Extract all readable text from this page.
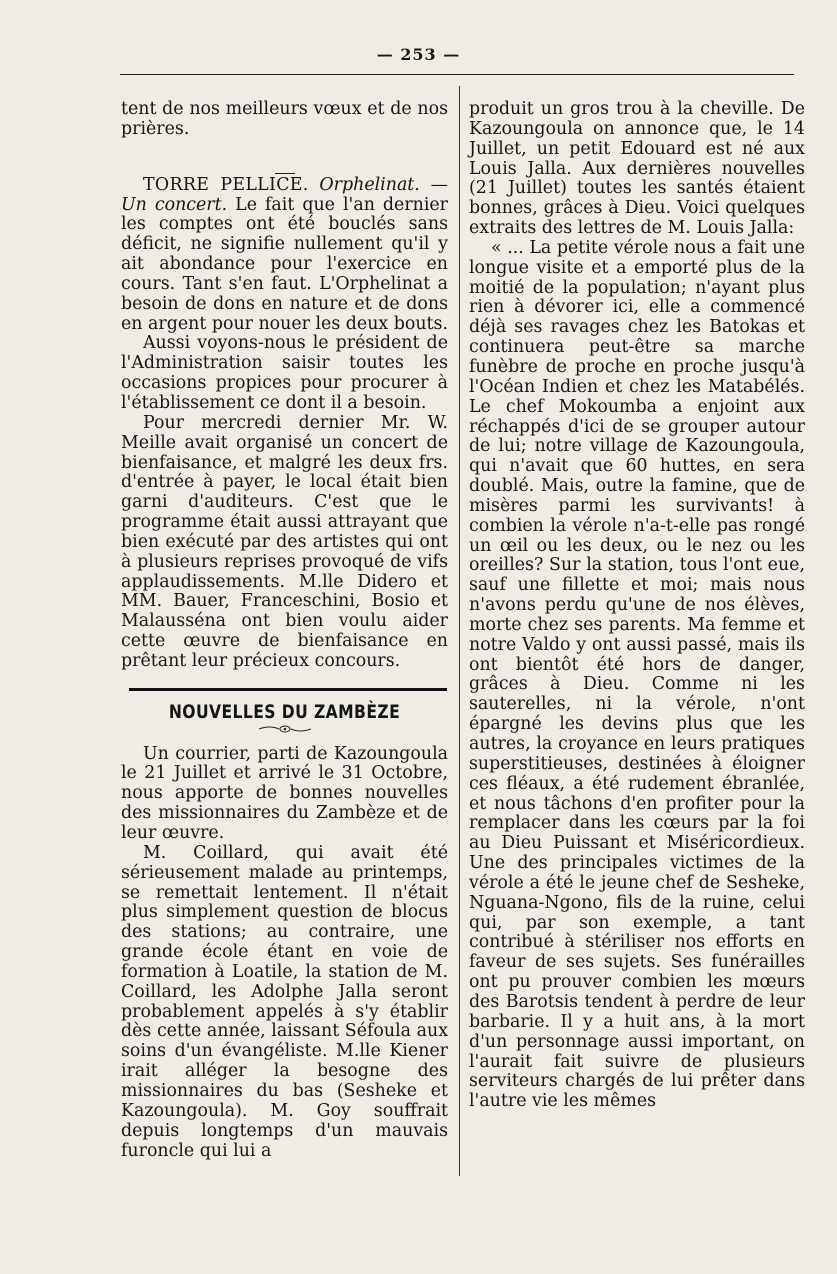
— 253 —

tent de nos meilleurs vœux et de nos prières.

TORRE PELLICE. Orphelinat. — Un concert. Le fait que l'an dernier les comptes ont été bouclés sans déficit, ne signifie nullement qu'il y ait abondance pour l'exercice en cours. Tant s'en faut. L'Orphelinat a besoin de dons en nature et de dons en argent pour nouer les deux bouts.

Aussi voyons-nous le président de l'Administration saisir toutes les occasions propices pour procurer à l'établissement ce dont il a besoin.

Pour mercredi dernier Mr. W. Meille avait organisé un concert de bienfaisance, et malgré les deux frs. d'entrée à payer, le local était bien garni d'auditeurs. C'est que le programme était aussi attrayant que bien exécuté par des artistes qui ont à plusieurs reprises provoqué de vifs applaudissements. M.lle Didero et MM. Bauer, Franceschini, Bosio et Malausséna ont bien voulu aider cette œuvre de bienfaisance en prêtant leur précieux concours.

NOUVELLES DU ZAMBÈZE

Un courrier, parti de Kazoungoula le 21 Juillet et arrivé le 31 Octobre, nous apporte de bonnes nouvelles des missionnaires du Zambèze et de leur œuvre.

M. Coillard, qui avait été sérieusement malade au printemps, se remettait lentement. Il n'était plus simplement question de blocus des stations; au contraire, une grande école étant en voie de formation à Loatile, la station de M. Coillard, les Adolphe Jalla seront probablement appelés à s'y établir dès cette année, laissant Séfoula aux soins d'un évangéliste. M.lle Kiener irait alléger la besogne des missionnaires du bas (Sesheke et Kazoungoula). M. Goy souffrait depuis longtemps d'un mauvais furoncle qui lui a

produit un gros trou à la cheville. De Kazoungoula on annonce que, le 14 Juillet, un petit Edouard est né aux Louis Jalla. Aux dernières nouvelles (21 Juillet) toutes les santés étaient bonnes, grâces à Dieu. Voici quelques extraits des lettres de M. Louis Jalla:

« ... La petite vérole nous a fait une longue visite et a emporté plus de la moitié de la population; n'ayant plus rien à dévorer ici, elle a commencé déjà ses ravages chez les Batokas et continuera peut-être sa marche funèbre de proche en proche jusqu'à l'Océan Indien et chez les Matabélés. Le chef Mokoumba a enjoint aux réchappés d'ici de se grouper autour de lui; notre village de Kazoungoula, qui n'avait que 60 huttes, en sera doublé. Mais, outre la famine, que de misères parmi les survivants! à combien la vérole n'a-t-elle pas rongé un œil ou les deux, ou le nez ou les oreilles? Sur la station, tous l'ont eue, sauf une fillette et moi; mais nous n'avons perdu qu'une de nos élèves, morte chez ses parents. Ma femme et notre Valdo y ont aussi passé, mais ils ont bientôt été hors de danger, grâces à Dieu. Comme ni les sauterelles, ni la vérole, n'ont épargné les devins plus que les autres, la croyance en leurs pratiques superstitieuses, destinées à éloigner ces fléaux, a été rudement ébranlée, et nous tâchons d'en profiter pour la remplacer dans les cœurs par la foi au Dieu Puissant et Miséricordieux. Une des principales victimes de la vérole a été le jeune chef de Sesheke, Nguana-Ngono, fils de la ruine, celui qui, par son exemple, a tant contribué à stériliser nos efforts en faveur de ses sujets. Ses funérailles ont pu prouver combien les mœurs des Barotsis tendent à perdre de leur barbarie. Il y a huit ans, à la mort d'un personnage aussi important, on l'aurait fait suivre de plusieurs serviteurs chargés de lui prêter dans l'autre vie les mêmes
